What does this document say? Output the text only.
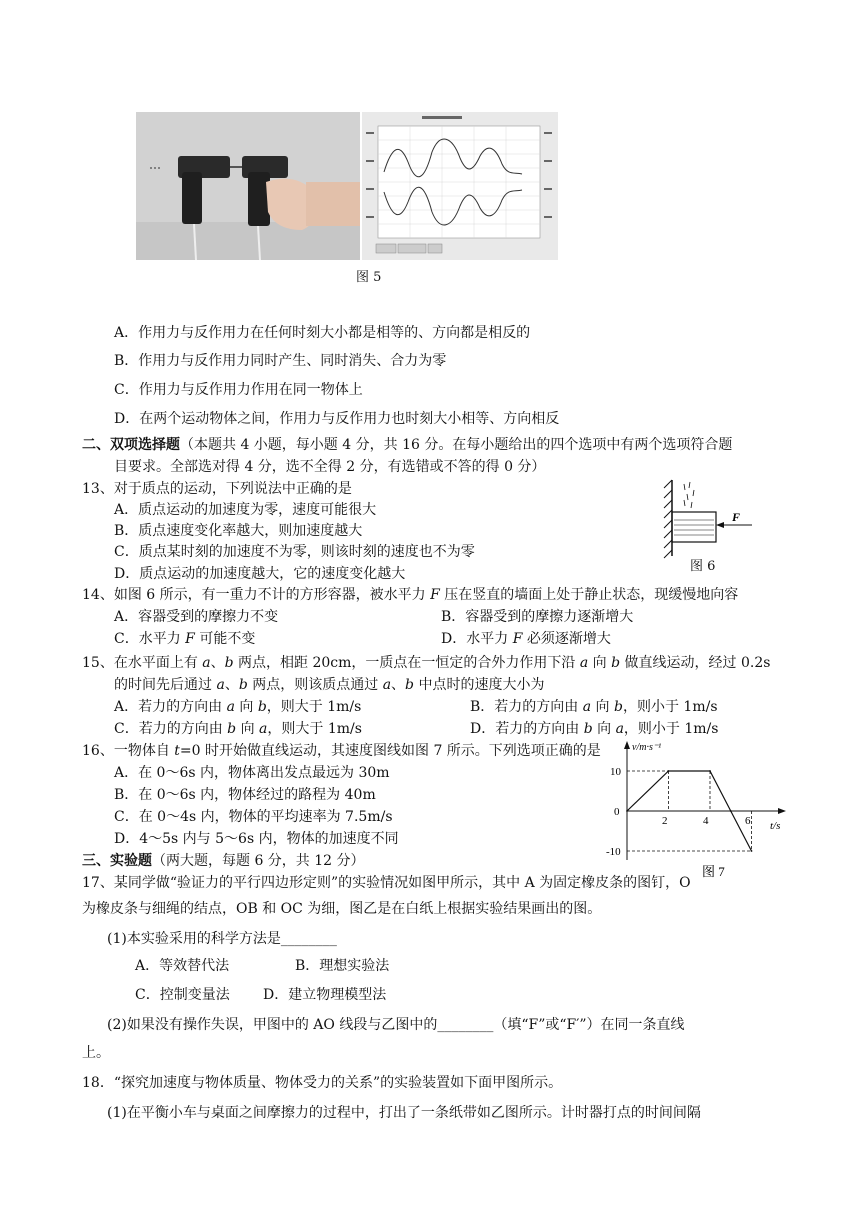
图 5
A．作用力与反作用力在任何时刻大小都是相等的、方向都是相反的
B．作用力与反作用力同时产生、同时消失、合力为零
C．作用力与反作用力作用在同一物体上
D．在两个运动物体之间，作用力与反作用力也时刻大小相等、方向相反
二、双项选择题（本题共 4 小题，每小题 4 分，共 16 分。在每小题给出的四个选项中有两个选项符合题
目要求。全部选对得 4 分，选不全得 2 分，有选错或不答的得 0 分）
13、对于质点的运动，下列说法中正确的是
A．质点运动的加速度为零，速度可能很大
B．质点速度变化率越大，则加速度越大
C．质点某时刻的加速度不为零，则该时刻的速度也不为零
D．质点运动的加速度越大，它的速度变化越大
F
图 6
14、如图 6 所示，有一重力不计的方形容器，被水平力 F 压在竖直的墙面上处于静止状态，现缓慢地向容
A．容器受到的摩擦力不变	B．容器受到的摩擦力逐渐增大
C．水平力 F 可能不变	D．水平力 F 必须逐渐增大
15、在水平面上有 a、b 两点，相距 20cm，一质点在一恒定的合外力作用下沿 a 向 b 做直线运动，经过 0.2s
的时间先后通过 a、b 两点，则该质点通过 a、b 中点时的速度大小为
A．若力的方向由 a 向 b，则大于 1m/s	B．若力的方向由 a 向 b，则小于 1m/s
C．若力的方向由 b 向 a，则大于 1m/s	D．若力的方向由 b 向 a，则小于 1m/s
16、一物体自 t=0 时开始做直线运动，其速度图线如图 7 所示。下列选项正确的是
A．在 0～6s 内，物体离出发点最远为 30m
B．在 0～6s 内，物体经过的路程为 40m
C．在 0～4s 内，物体的平均速率为 7.5m/s
D．4～5s 内与 5～6s 内，物体的加速度不同
v/m·s⁻¹
t/s
10
0
-10
2	4	6
图 7
三、实验题（两大题，每题 6 分，共 12 分）
17、某同学做“验证力的平行四边形定则”的实验情况如图甲所示，其中 A 为固定橡皮条的图钉，O
为橡皮条与细绳的结点，OB 和 OC 为细，图乙是在白纸上根据实验结果画出的图。
(1)本实验采用的科学方法是________
A．等效替代法	B．理想实验法
C．控制变量法 D．建立物理模型法
(2)如果没有操作失误，甲图中的 AO 线段与乙图中的________（填“F”或“F′”）在同一条直线
上。
18．“探究加速度与物体质量、物体受力的关系”的实验装置如下面甲图所示。
(1)在平衡小车与桌面之间摩擦力的过程中，打出了一条纸带如乙图所示。计时器打点的时间间隔
